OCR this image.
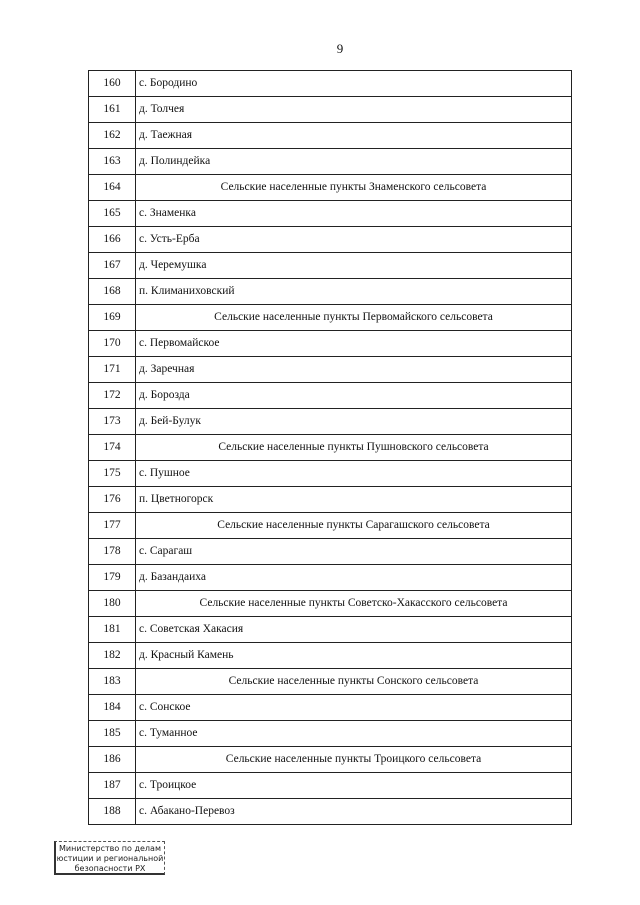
9
160	с. Бородино
161	д. Толчея
162	д. Таежная
163	д. Полиндейка
164	Сельские населенные пункты Знаменского сельсовета
165	с. Знаменка
166	с. Усть-Ерба
167	д. Черемушка
168	п. Климаниховский
169	Сельские населенные пункты Первомайского сельсовета
170	с. Первомайское
171	д. Заречная
172	д. Борозда
173	д. Бей-Булук
174	Сельские населенные пункты Пушновского сельсовета
175	с. Пушное
176	п. Цветногорск
177	Сельские населенные пункты Сарагашского сельсовета
178	с. Сарагаш
179	д. Базандаиха
180	Сельские населенные пункты Советско-Хакасского сельсовета
181	с. Советская Хакасия
182	д. Красный Камень
183	Сельские населенные пункты Сонского сельсовета
184	с. Сонское
185	с. Туманное
186	Сельские населенные пункты Троицкого сельсовета
187	с. Троицкое
188	с. Абакано-Перевоз
Министерство по делам
юстиции и региональной
безопасности РХ
